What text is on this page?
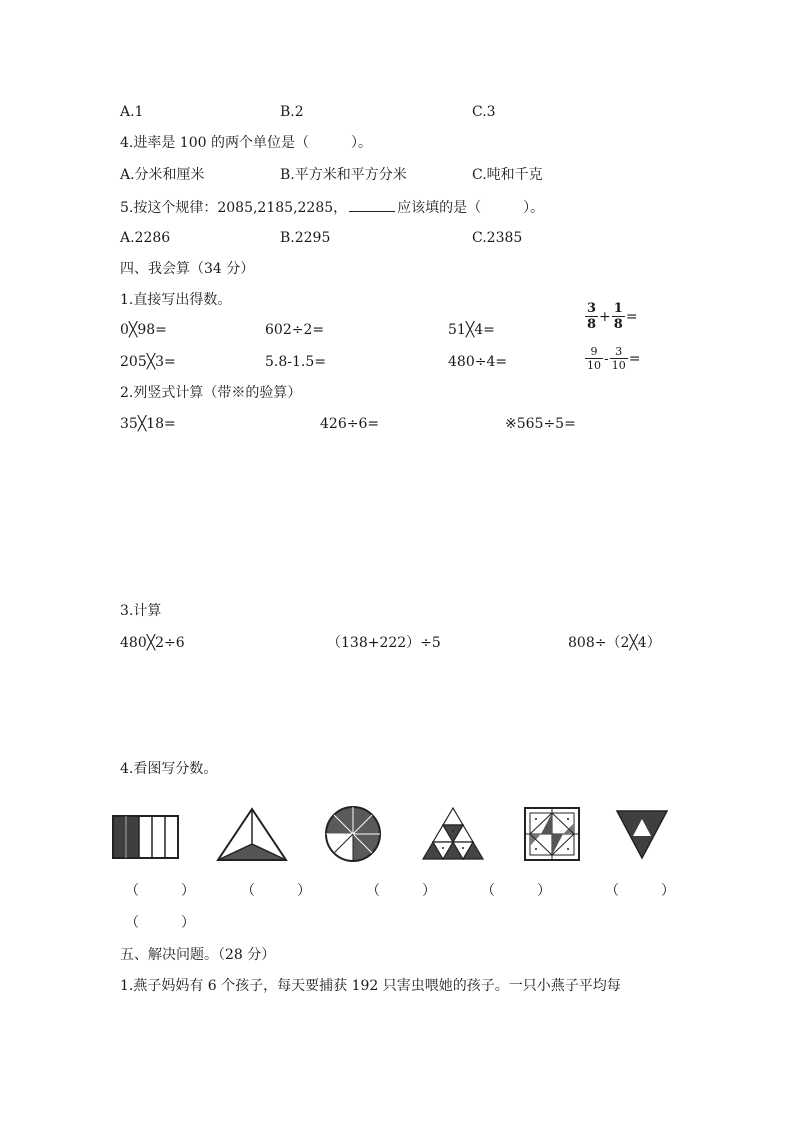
A.1	B.2	C.3
4.进率是 100 的两个单位是（　　　）。
A.分米和厘米	B.平方米和平方分米	C.吨和千克
5.按这个规律：2085,2185,2285，	应该填的是（　　　）。
A.2286	B.2295	C.2385
四、我会算（34 分）
1.直接写出得数。
0╳98=	602÷2=	51╳4=
205╳3=	5.8-1.5=	480÷4=
$\frac{3}{8} + \frac{1}{8}$ =
$\frac{9}{10} - \frac{3}{10}$ =
2.列竖式计算（带※的验算）
35╳18=	426÷6=	※565÷5=
3.计算
480╳2÷6	（138+222）÷5	808÷（2╳4）
4.看图写分数。
（　　　）	（　　　）	（　　　）	（　　　）	（　　　）
（　　　）
五、解决问题。（28 分）
1.燕子妈妈有 6 个孩子，每天要捕获 192 只害虫喂她的孩子。一只小燕子平均每
